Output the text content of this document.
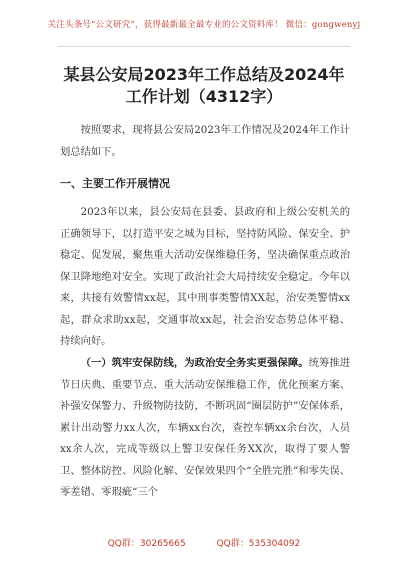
关注头条号“公文研究”，获得最新最全最专业的公文资料库！ 微信：gongwenyj
某县公安局2023年工作总结及2024年工作计划（4312字）
按照要求，现将县公安局2023年工作情况及2024年工作计划总结如下。
一、主要工作开展情况
2023年以来，县公安局在县委、县政府和上级公安机关的正确领导下，以打造平安之城为目标，坚持防风险、保安全、护稳定、促发展，聚焦重大活动安保维稳任务，坚决确保重点政治保卫降地绝对安全。实现了政治社会大局持续安全稳定。今年以来，共接有效警情xx起，其中刑事类警情XX起，治安类警情xx起，群众求助xx起，交通事故xx起，社会治安态势总体平稳、持续向好。
（一）筑牢安保防线，为政治安全务实更强保障。统筹推进节日庆典、重要节点、重大活动安保维稳工作，优化预案方案、补强安保警力、升级物防技防，不断巩固“圈层防护”安保体系，累计出动警力xx人次，车辆xx台次，查控车辆xx余台次，人员xx余人次，完成等级以上警卫安保任务XX次，取得了要人警卫、整体防控、风险化解、安保效果四个“全胜完胜”和零失误、零差错、零瑕疵“三个
QQ群：30265665	QQ群：535304092
